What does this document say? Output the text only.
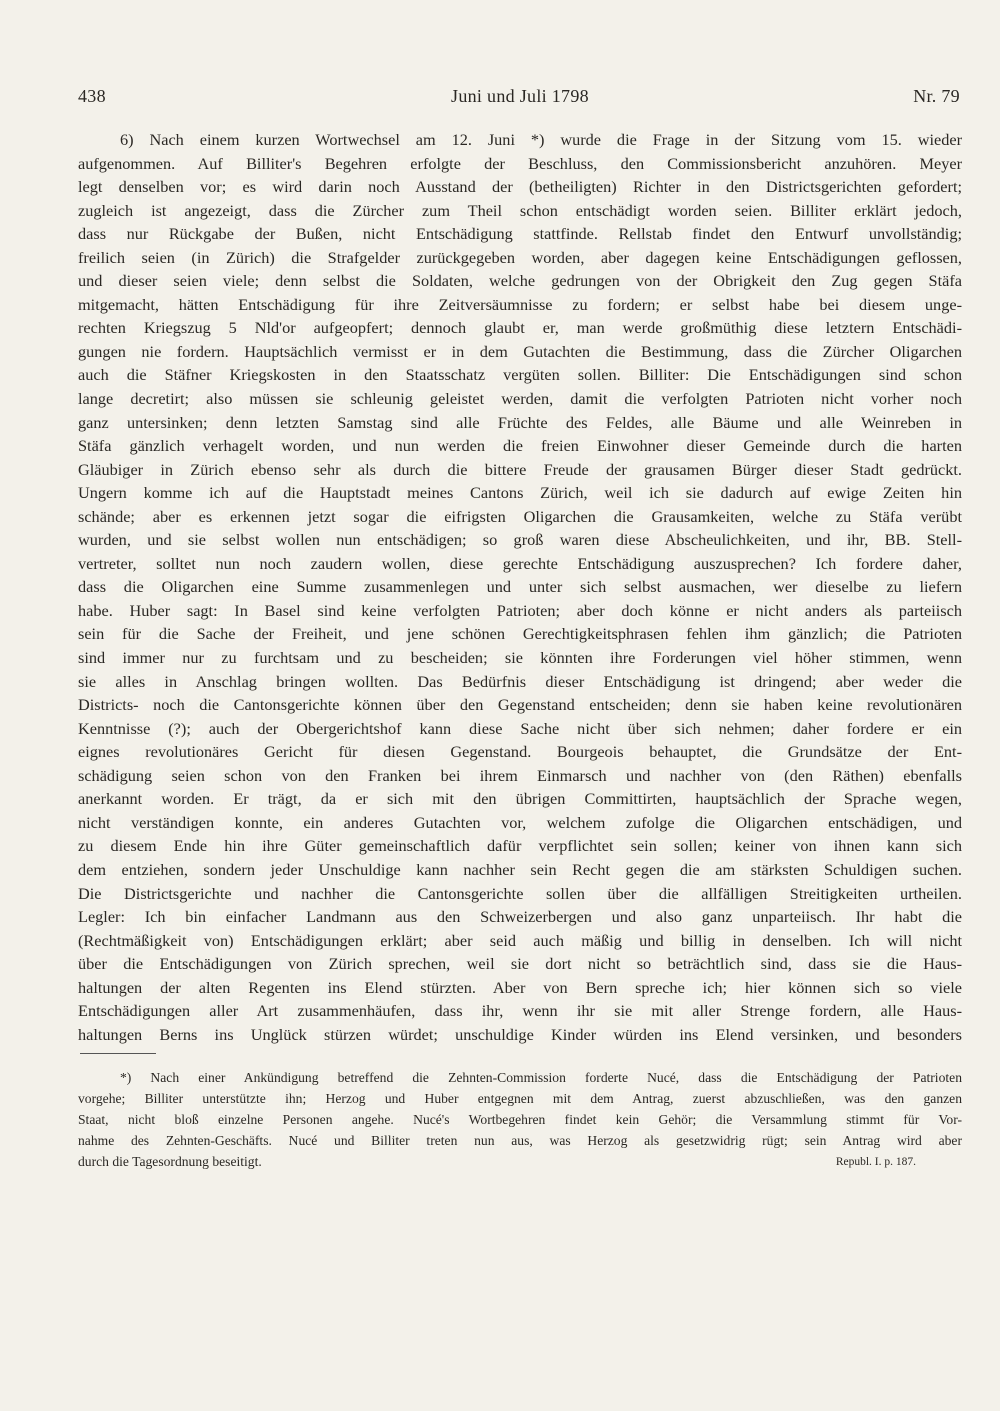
438	Juni und Juli 1798	Nr. 79
6) Nach einem kurzen Wortwechsel am 12. Juni *) wurde die Frage in der Sitzung vom 15. wieder
aufgenommen. Auf Billiter's Begehren erfolgte der Beschluss, den Commissionsbericht anzuhören. Meyer
legt denselben vor; es wird darin noch Ausstand der (betheiligten) Richter in den Districtsgerichten gefordert;
zugleich ist angezeigt, dass die Zürcher zum Theil schon entschädigt worden seien. Billiter erklärt jedoch,
dass nur Rückgabe der Bußen, nicht Entschädigung stattfinde. Rellstab findet den Entwurf unvollständig;
freilich seien (in Zürich) die Strafgelder zurückgegeben worden, aber dagegen keine Entschädigungen geflossen,
und dieser seien viele; denn selbst die Soldaten, welche gedrungen von der Obrigkeit den Zug gegen Stäfa
mitgemacht, hätten Entschädigung für ihre Zeitversäumnisse zu fordern; er selbst habe bei diesem unge-
rechten Kriegszug 5 Nld'or aufgeopfert; dennoch glaubt er, man werde großmüthig diese letztern Entschädi-
gungen nie fordern. Hauptsächlich vermisst er in dem Gutachten die Bestimmung, dass die Zürcher Oligarchen
auch die Stäfner Kriegskosten in den Staatsschatz vergüten sollen. Billiter: Die Entschädigungen sind schon
lange decretirt; also müssen sie schleunig geleistet werden, damit die verfolgten Patrioten nicht vorher noch
ganz untersinken; denn letzten Samstag sind alle Früchte des Feldes, alle Bäume und alle Weinreben in
Stäfa gänzlich verhagelt worden, und nun werden die freien Einwohner dieser Gemeinde durch die harten
Gläubiger in Zürich ebenso sehr als durch die bittere Freude der grausamen Bürger dieser Stadt gedrückt.
Ungern komme ich auf die Hauptstadt meines Cantons Zürich, weil ich sie dadurch auf ewige Zeiten hin
schände; aber es erkennen jetzt sogar die eifrigsten Oligarchen die Grausamkeiten, welche zu Stäfa verübt
wurden, und sie selbst wollen nun entschädigen; so groß waren diese Abscheulichkeiten, und ihr, BB. Stell-
vertreter, solltet nun noch zaudern wollen, diese gerechte Entschädigung auszusprechen? Ich fordere daher,
dass die Oligarchen eine Summe zusammenlegen und unter sich selbst ausmachen, wer dieselbe zu liefern
habe. Huber sagt: In Basel sind keine verfolgten Patrioten; aber doch könne er nicht anders als parteiisch
sein für die Sache der Freiheit, und jene schönen Gerechtigkeitsphrasen fehlen ihm gänzlich; die Patrioten
sind immer nur zu furchtsam und zu bescheiden; sie könnten ihre Forderungen viel höher stimmen, wenn
sie alles in Anschlag bringen wollten. Das Bedürfnis dieser Entschädigung ist dringend; aber weder die
Districts- noch die Cantonsgerichte können über den Gegenstand entscheiden; denn sie haben keine revolutionären
Kenntnisse (?); auch der Obergerichtshof kann diese Sache nicht über sich nehmen; daher fordere er ein
eignes revolutionäres Gericht für diesen Gegenstand. Bourgeois behauptet, die Grundsätze der Ent-
schädigung seien schon von den Franken bei ihrem Einmarsch und nachher von (den Räthen) ebenfalls
anerkannt worden. Er trägt, da er sich mit den übrigen Committirten, hauptsächlich der Sprache wegen,
nicht verständigen konnte, ein anderes Gutachten vor, welchem zufolge die Oligarchen entschädigen, und
zu diesem Ende hin ihre Güter gemeinschaftlich dafür verpflichtet sein sollen; keiner von ihnen kann sich
dem entziehen, sondern jeder Unschuldige kann nachher sein Recht gegen die am stärksten Schuldigen suchen.
Die Districtsgerichte und nachher die Cantonsgerichte sollen über die allfälligen Streitigkeiten urtheilen.
Legler: Ich bin einfacher Landmann aus den Schweizerbergen und also ganz unparteiisch. Ihr habt die
(Rechtmäßigkeit von) Entschädigungen erklärt; aber seid auch mäßig und billig in denselben. Ich will nicht
über die Entschädigungen von Zürich sprechen, weil sie dort nicht so beträchtlich sind, dass sie die Haus-
haltungen der alten Regenten ins Elend stürzten. Aber von Bern spreche ich; hier können sich so viele
Entschädigungen aller Art zusammenhäufen, dass ihr, wenn ihr sie mit aller Strenge fordern, alle Haus-
haltungen Berns ins Unglück stürzen würdet; unschuldige Kinder würden ins Elend versinken, und besonders
*) Nach einer Ankündigung betreffend die Zehnten-Commission forderte Nucé, dass die Entschädigung der Patrioten
vorgehe; Billiter unterstützte ihn; Herzog und Huber entgegnen mit dem Antrag, zuerst abzuschließen, was den ganzen
Staat, nicht bloß einzelne Personen angehe. Nucé's Wortbegehren findet kein Gehör; die Versammlung stimmt für Vor-
nahme des Zehnten-Geschäfts. Nucé und Billiter treten nun aus, was Herzog als gesetzwidrig rügt; sein Antrag wird aber
durch die Tagesordnung beseitigt.	Republ. I. p. 187.
